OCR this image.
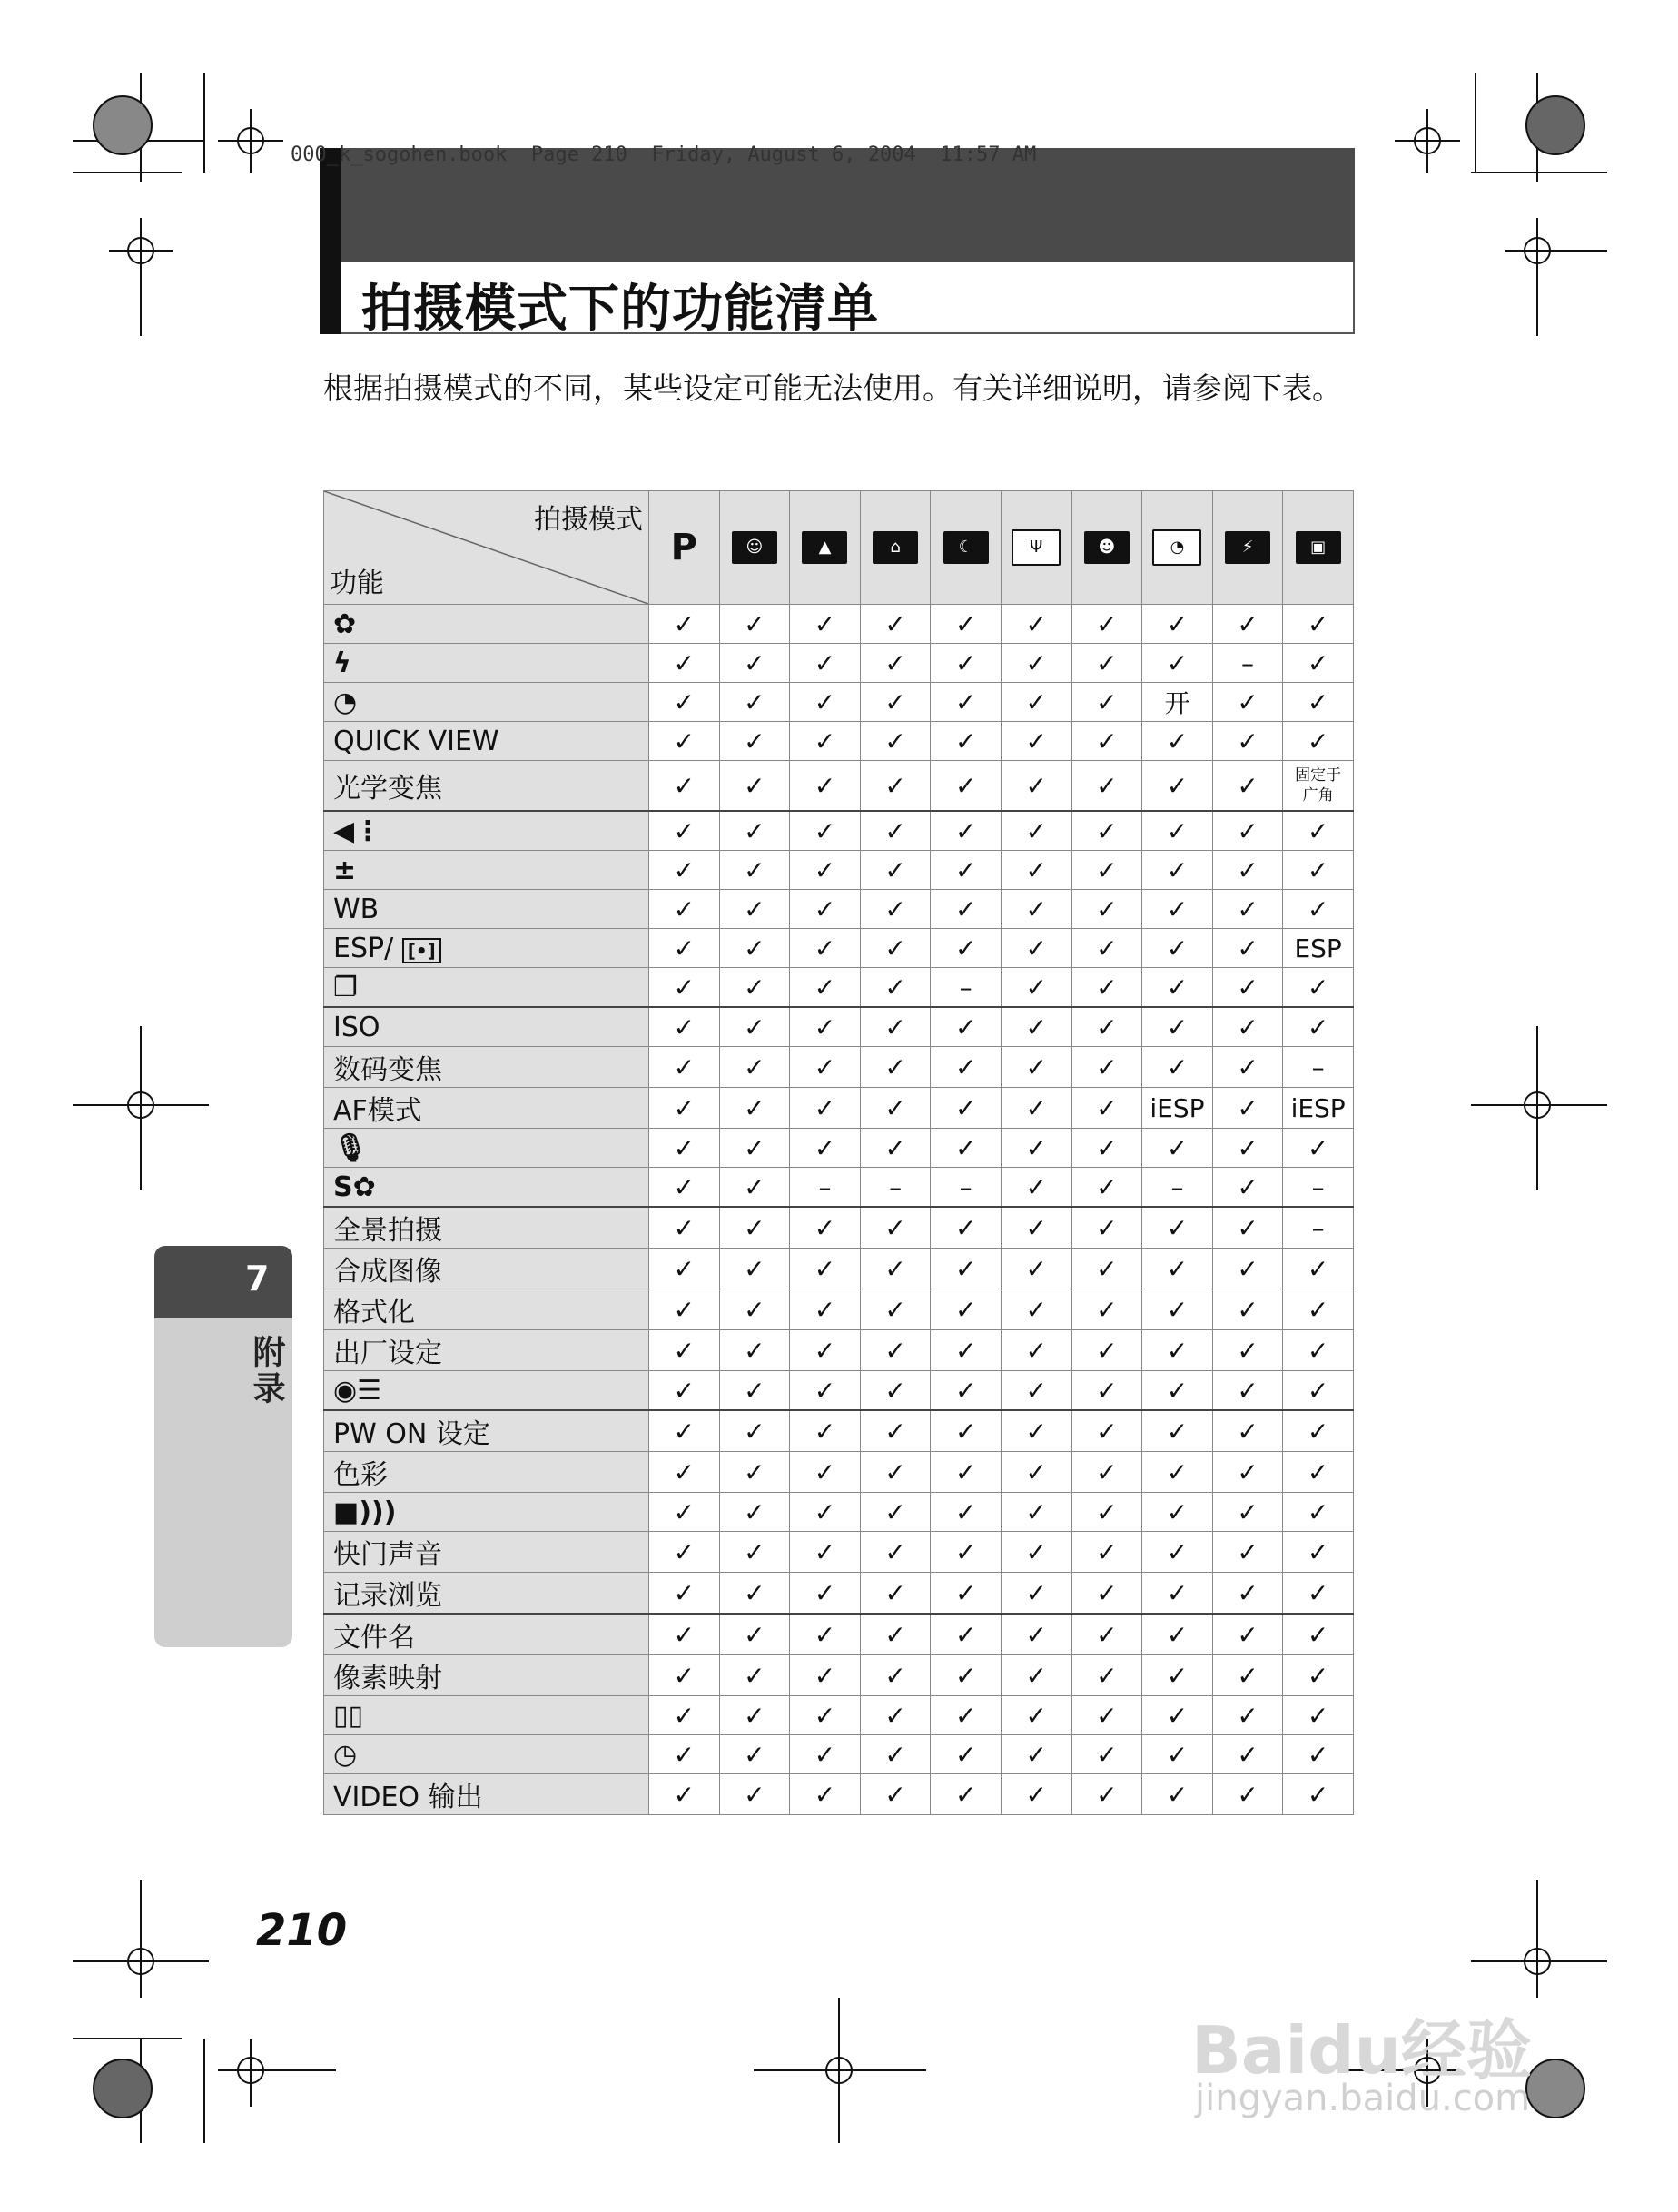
000_k_sogohen.book  Page 210  Friday, August 6, 2004  11:57 AM
拍摄模式下的功能清单
根据拍摄模式的不同，某些设定可能无法使用。有关详细说明，请参阅下表。
拍摄模式
功能	P	☺	▲	⌂	☾	Ψ	☻	◔	⚡	▣
✿	✓	✓	✓	✓	✓	✓	✓	✓	✓	✓
ϟ	✓	✓	✓	✓	✓	✓	✓	✓	–	✓
◔	✓	✓	✓	✓	✓	✓	✓	开	✓	✓
QUICK VIEW	✓	✓	✓	✓	✓	✓	✓	✓	✓	✓
光学变焦	✓	✓	✓	✓	✓	✓	✓	✓	✓	固定于
广角
◀⋮	✓	✓	✓	✓	✓	✓	✓	✓	✓	✓
±	✓	✓	✓	✓	✓	✓	✓	✓	✓	✓
WB	✓	✓	✓	✓	✓	✓	✓	✓	✓	✓
ESP/ [•]	✓	✓	✓	✓	✓	✓	✓	✓	✓	ESP
❐	✓	✓	✓	✓	–	✓	✓	✓	✓	✓
ISO	✓	✓	✓	✓	✓	✓	✓	✓	✓	✓
数码变焦	✓	✓	✓	✓	✓	✓	✓	✓	✓	–
AF模式	✓	✓	✓	✓	✓	✓	✓	iESP	✓	iESP
🎙	✓	✓	✓	✓	✓	✓	✓	✓	✓	✓
S✿	✓	✓	–	–	–	✓	✓	–	✓	–
全景拍摄	✓	✓	✓	✓	✓	✓	✓	✓	✓	–
合成图像	✓	✓	✓	✓	✓	✓	✓	✓	✓	✓
格式化	✓	✓	✓	✓	✓	✓	✓	✓	✓	✓
出厂设定	✓	✓	✓	✓	✓	✓	✓	✓	✓	✓
◉☰	✓	✓	✓	✓	✓	✓	✓	✓	✓	✓
PW ON 设定	✓	✓	✓	✓	✓	✓	✓	✓	✓	✓
色彩	✓	✓	✓	✓	✓	✓	✓	✓	✓	✓
■)))	✓	✓	✓	✓	✓	✓	✓	✓	✓	✓
快门声音	✓	✓	✓	✓	✓	✓	✓	✓	✓	✓
记录浏览	✓	✓	✓	✓	✓	✓	✓	✓	✓	✓
文件名	✓	✓	✓	✓	✓	✓	✓	✓	✓	✓
像素映射	✓	✓	✓	✓	✓	✓	✓	✓	✓	✓
▯▯	✓	✓	✓	✓	✓	✓	✓	✓	✓	✓
◷	✓	✓	✓	✓	✓	✓	✓	✓	✓	✓
VIDEO 输出	✓	✓	✓	✓	✓	✓	✓	✓	✓	✓
7
附录
210
Baidu经验
jingyan.baidu.com
